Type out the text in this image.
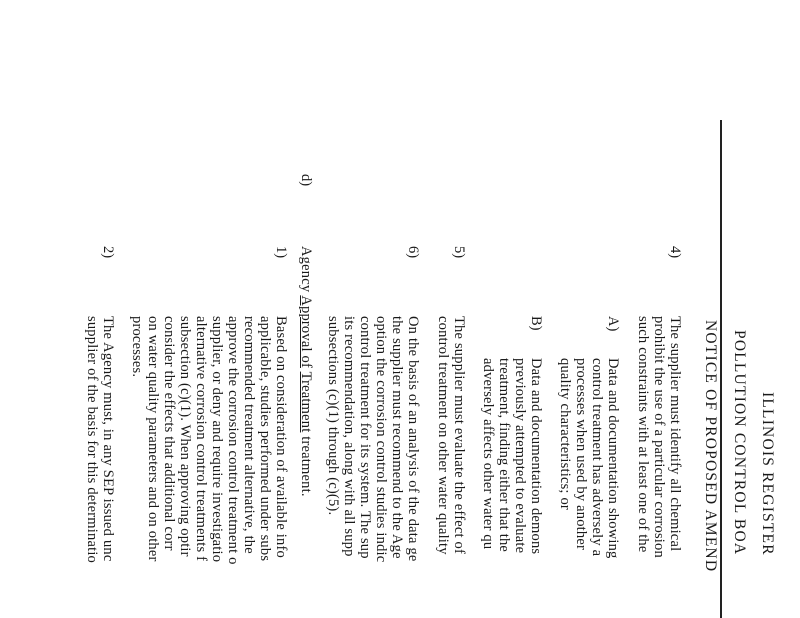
ILLINOIS REGISTER
POLLUTION CONTROL BOA
NOTICE OF PROPOSED AMEND
4)
The supplier must identify all chemical
prohibit the use of a particular corrosion
such constraints with at least one of the
A)
Data and documentation showing
control treatment has adversely a
processes when used by another
quality characteristics; or
B)
Data and documentation demons
previously attempted to evaluate
treatment, finding either that the
adversely affects other water qu
5)
The supplier must evaluate the effect of
control treatment on other water quality
6)
On the basis of an analysis of the data ge
the supplier must recommend to the Age
option the corrosion control studies indic
control treatment for its system. The sup
its recommendation, along with all supp
subsections (c)(1) through (c)(5).
d)
Agency Approval of Treatment treatment.
1)
Based on consideration of available info
applicable, studies performed under subs
recommended treatment alternative, the
approve the corrosion control treatment o
supplier, or deny and require investigatio
alternative corrosion control treatments f
subsection (c)(1). When approving optir
consider the effects that additional corr
on water quality parameters and on other
processes.
2)
The Agency must, in any SEP issued unc
supplier of the basis for this determinatio
